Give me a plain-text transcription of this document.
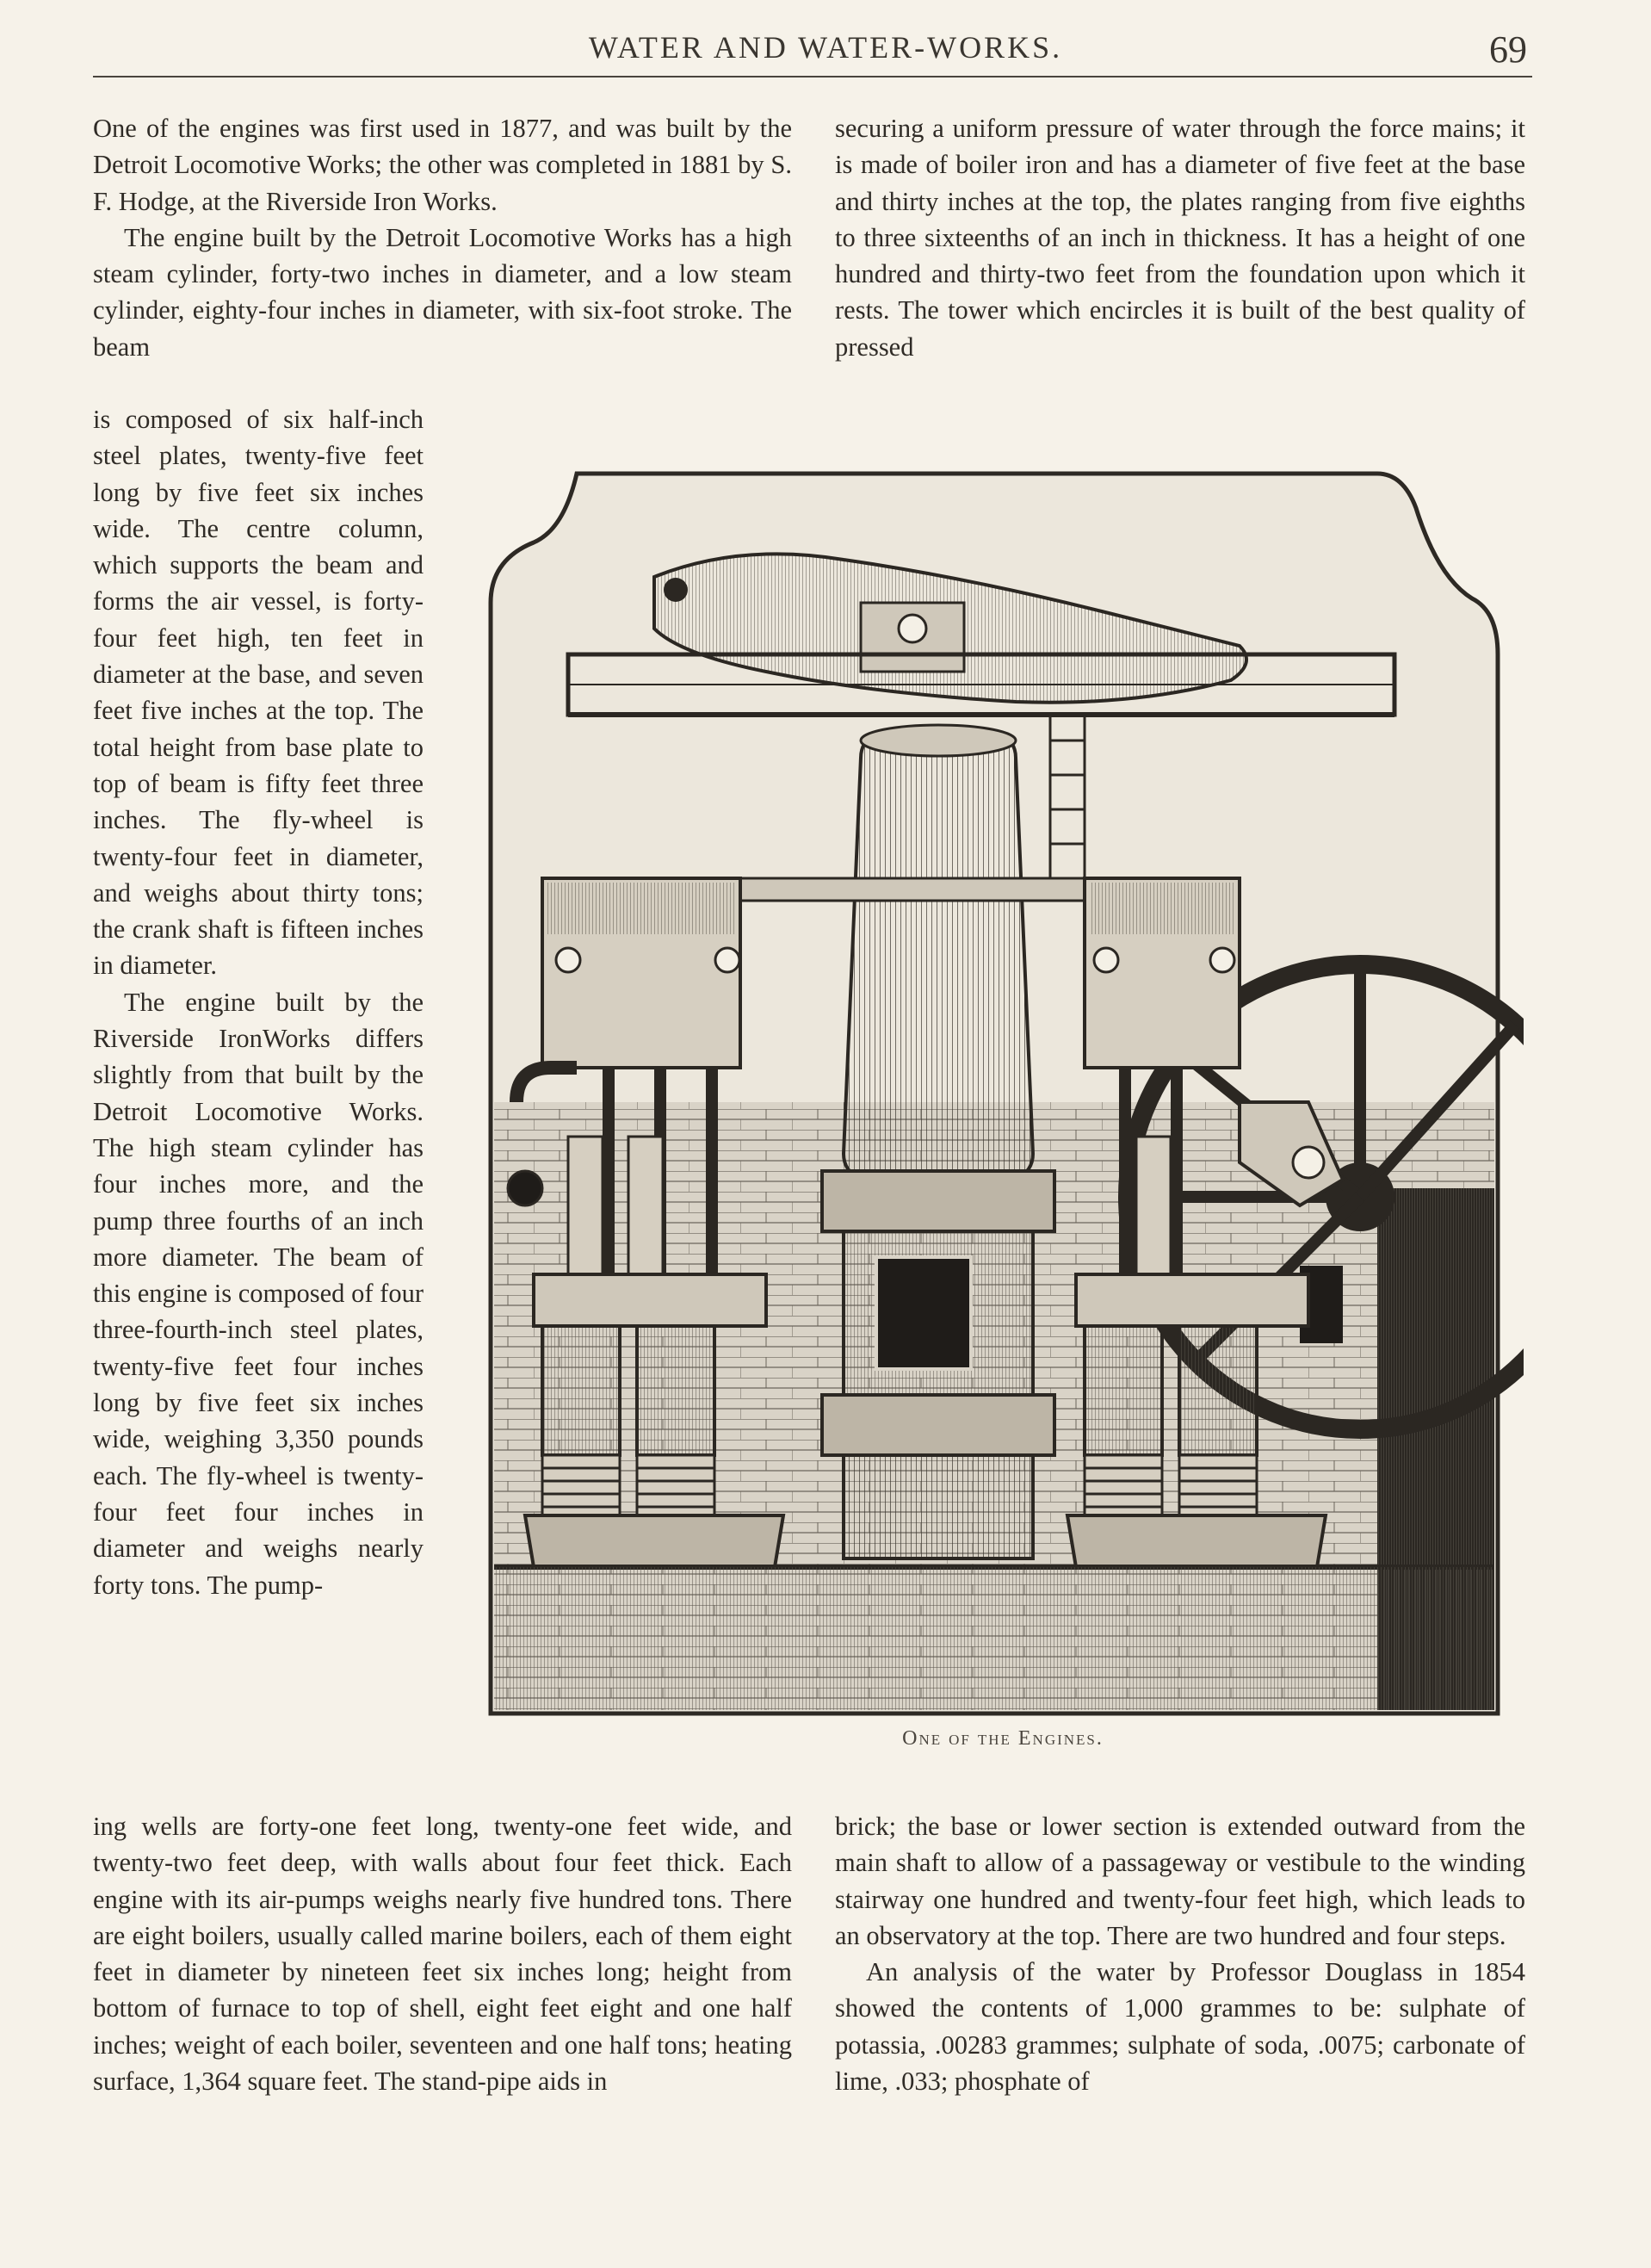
WATER AND WATER-WORKS.	69

One of the engines was first used in 1877, and was built by the Detroit Locomotive Works; the other was completed in 1881 by S. F. Hodge, at the Riverside Iron Works.

The engine built by the Detroit Locomotive Works has a high steam cylinder, forty-two inches in diameter, and a low steam cylinder, eighty-four inches in diameter, with six-foot stroke. The beam

is composed of six half-inch steel plates, twenty-five feet long by five feet six inches wide. The centre column, which supports the beam and forms the air vessel, is forty-four feet high, ten feet in diameter at the base, and seven feet five inches at the top. The total height from base plate to top of beam is fifty feet three inches. The fly-wheel is twenty-four feet in diameter, and weighs about thirty tons; the crank shaft is fifteen inches in diameter.

The engine built by the Riverside IronWorks differs slightly from that built by the Detroit Locomotive Works. The high steam cylinder has four inches more, and the pump three fourths of an inch more diameter. The beam of this engine is composed of four three-fourth-inch steel plates, twenty-five feet four inches long by five feet six inches wide, weighing 3,350 pounds each. The fly-wheel is twenty-four feet four inches in diameter and weighs nearly forty tons. The pump-

ing wells are forty-one feet long, twenty-one feet wide, and twenty-two feet deep, with walls about four feet thick. Each engine with its air-pumps weighs nearly five hundred tons. There are eight boilers, usually called marine boilers, each of them eight feet in diameter by nineteen feet six inches long; height from bottom of furnace to top of shell, eight feet eight and one half inches; weight of each boiler, seventeen and one half tons; heating surface, 1,364 square feet. The stand-pipe aids in

securing a uniform pressure of water through the force mains; it is made of boiler iron and has a diameter of five feet at the base and thirty inches at the top, the plates ranging from five eighths to three sixteenths of an inch in thickness. It has a height of one hundred and thirty-two feet from the foundation upon which it rests. The tower which encircles it is built of the best quality of pressed

brick; the base or lower section is extended outward from the main shaft to allow of a passageway or vestibule to the winding stairway one hundred and twenty-four feet high, which leads to an observatory at the top. There are two hundred and four steps.

An analysis of the water by Professor Douglass in 1854 showed the contents of 1,000 grammes to be: sulphate of potassia, .00283 grammes; sulphate of soda, .0075; carbonate of lime, .033; phosphate of

One of the Engines.
